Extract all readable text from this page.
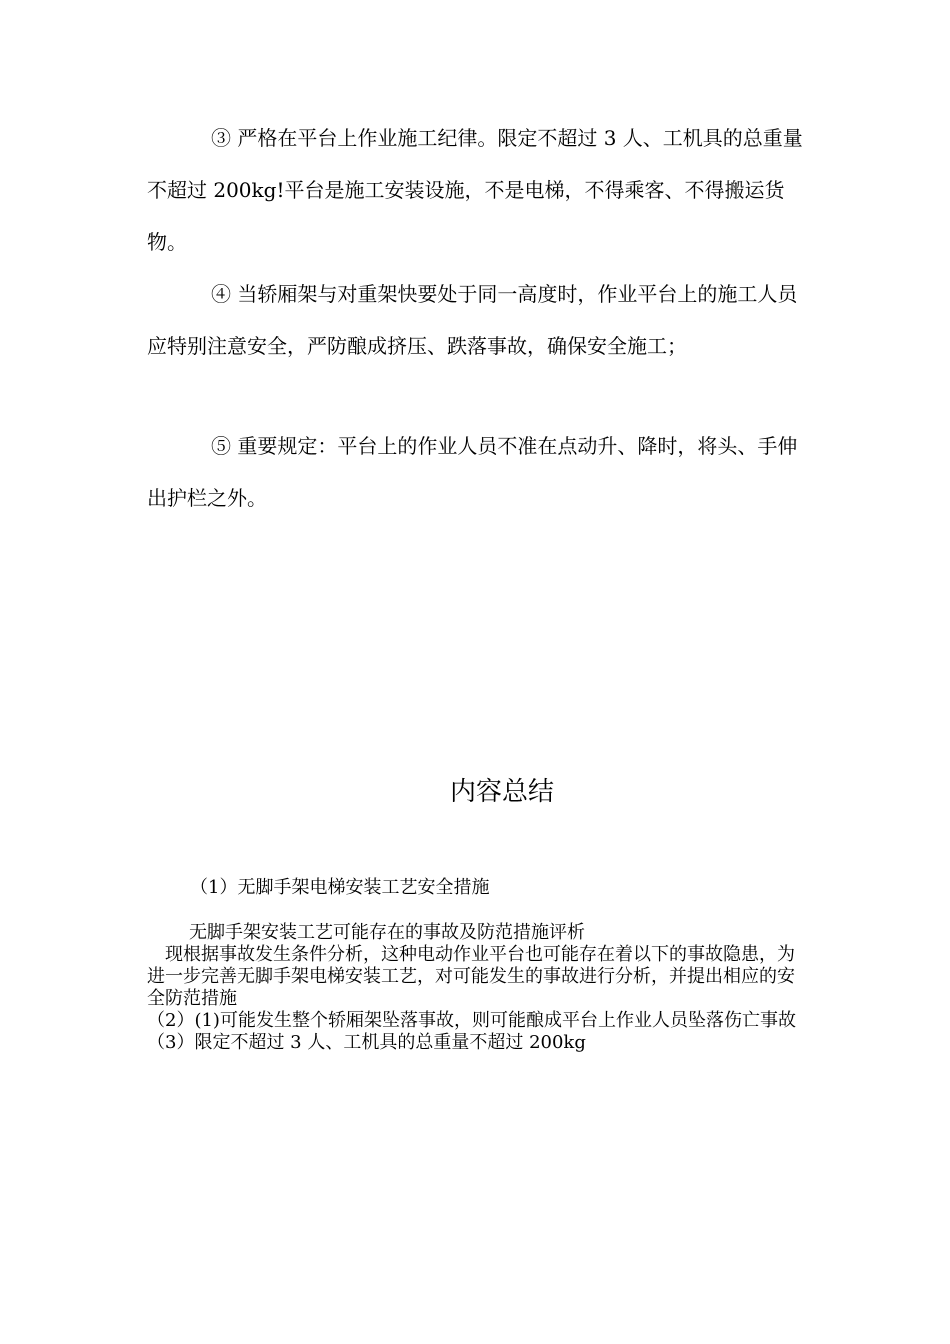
③ 严格在平台上作业施工纪律。限定不超过 3 人、工机具的总重量不超过 200kg!平台是施工安装设施，不是电梯，不得乘客、不得搬运货物。

④ 当轿厢架与对重架快要处于同一高度时，作业平台上的施工人员应特别注意安全，严防酿成挤压、跌落事故，确保安全施工；

⑤ 重要规定：平台上的作业人员不准在点动升、降时，将头、手伸出护栏之外。

内容总结

（1）无脚手架电梯安装工艺安全措施

无脚手架安装工艺可能存在的事故及防范措施评析

现根据事故发生条件分析，这种电动作业平台也可能存在着以下的事故隐患，为进一步完善无脚手架电梯安装工艺，对可能发生的事故进行分析，并提出相应的安全防范措施

（2）(1)可能发生整个轿厢架坠落事故，则可能酿成平台上作业人员坠落伤亡事故

（3）限定不超过 3 人、工机具的总重量不超过 200kg
